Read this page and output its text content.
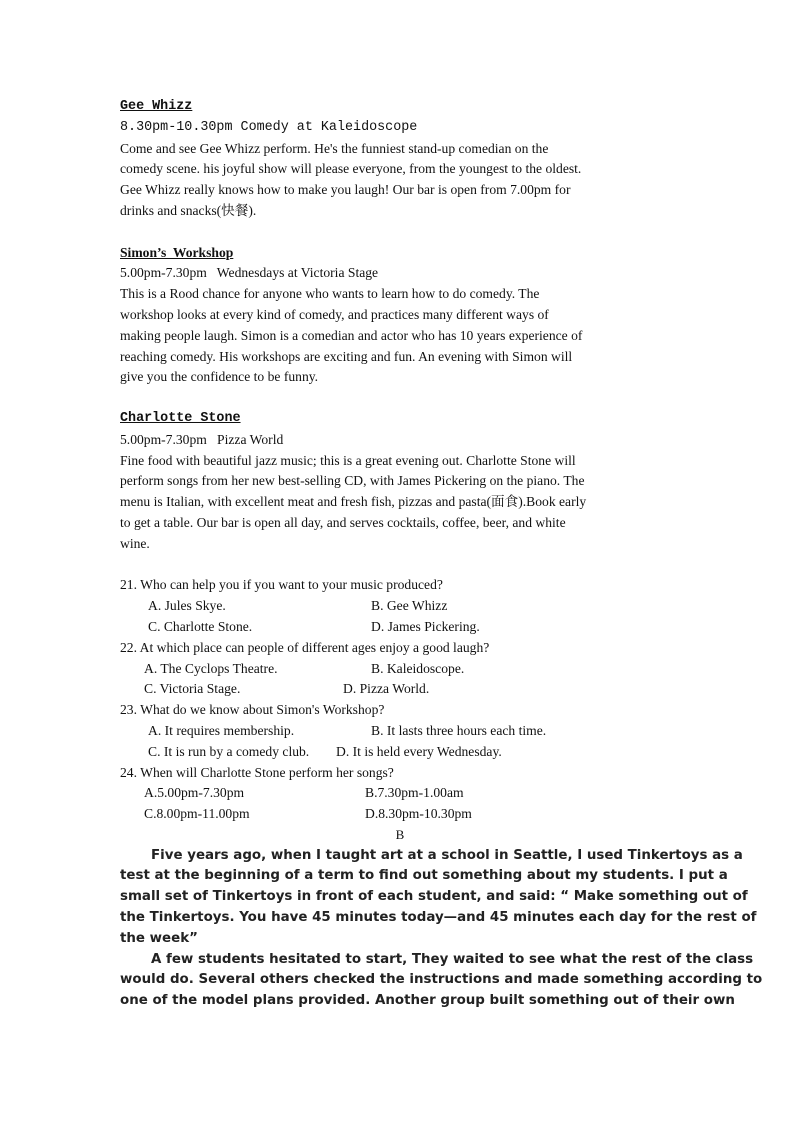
Gee Whizz
8.30pm-10.30pm Comedy at Kaleidoscope
Come and see Gee Whizz perform. He's the funniest stand-up comedian on the
comedy scene. his joyful show will please everyone, from the youngest to the oldest.
Gee Whizz really knows how to make you laugh! Our bar is open from 7.00pm for
drinks and snacks(快餐).
Simon’s  Workshop
5.00pm-7.30pm   Wednesdays at Victoria Stage
This is a Rood chance for anyone who wants to learn how to do comedy. The
workshop looks at every kind of comedy, and practices many different ways of
making people laugh. Simon is a comedian and actor who has 10 years experience of
reaching comedy. His workshops are exciting and fun. An evening with Simon will
give you the confidence to be funny.
Charlotte Stone
5.00pm-7.30pm   Pizza World
Fine food with beautiful jazz music; this is a great evening out. Charlotte Stone will
perform songs from her new best-selling CD, with James Pickering on the piano. The
menu is Italian, with excellent meat and fresh fish, pizzas and pasta(面食).Book early
to get a table. Our bar is open all day, and serves cocktails, coffee, beer, and white
wine.
21. Who can help you if you want to your music produced?
A. Jules Skye.	B. Gee Whizz
C. Charlotte Stone.	D. James Pickering.
22. At which place can people of different ages enjoy a good laugh?
A. The Cyclops Theatre.	B. Kaleidoscope.
C. Victoria Stage.	D. Pizza World.
23. What do we know about Simon's Workshop?
A. It requires membership.	B. It lasts three hours each time.
C. It is run by a comedy club. D. It is held every Wednesday.
24. When will Charlotte Stone perform her songs?
A.5.00pm-7.30pm	B.7.30pm-1.00am
C.8.00pm-11.00pm	D.8.30pm-10.30pm
B
Five years ago, when I taught art at a school in Seattle, I used Tinkertoys as a
test at the beginning of a term to find out something about my students. I put a
small set of Tinkertoys in front of each student, and said: “ Make something out of
the Tinkertoys. You have 45 minutes today—and 45 minutes each day for the rest of
the week”
A few students hesitated to start, They waited to see what the rest of the class
would do. Several others checked the instructions and made something according to
one of the model plans provided. Another group built something out of their own
